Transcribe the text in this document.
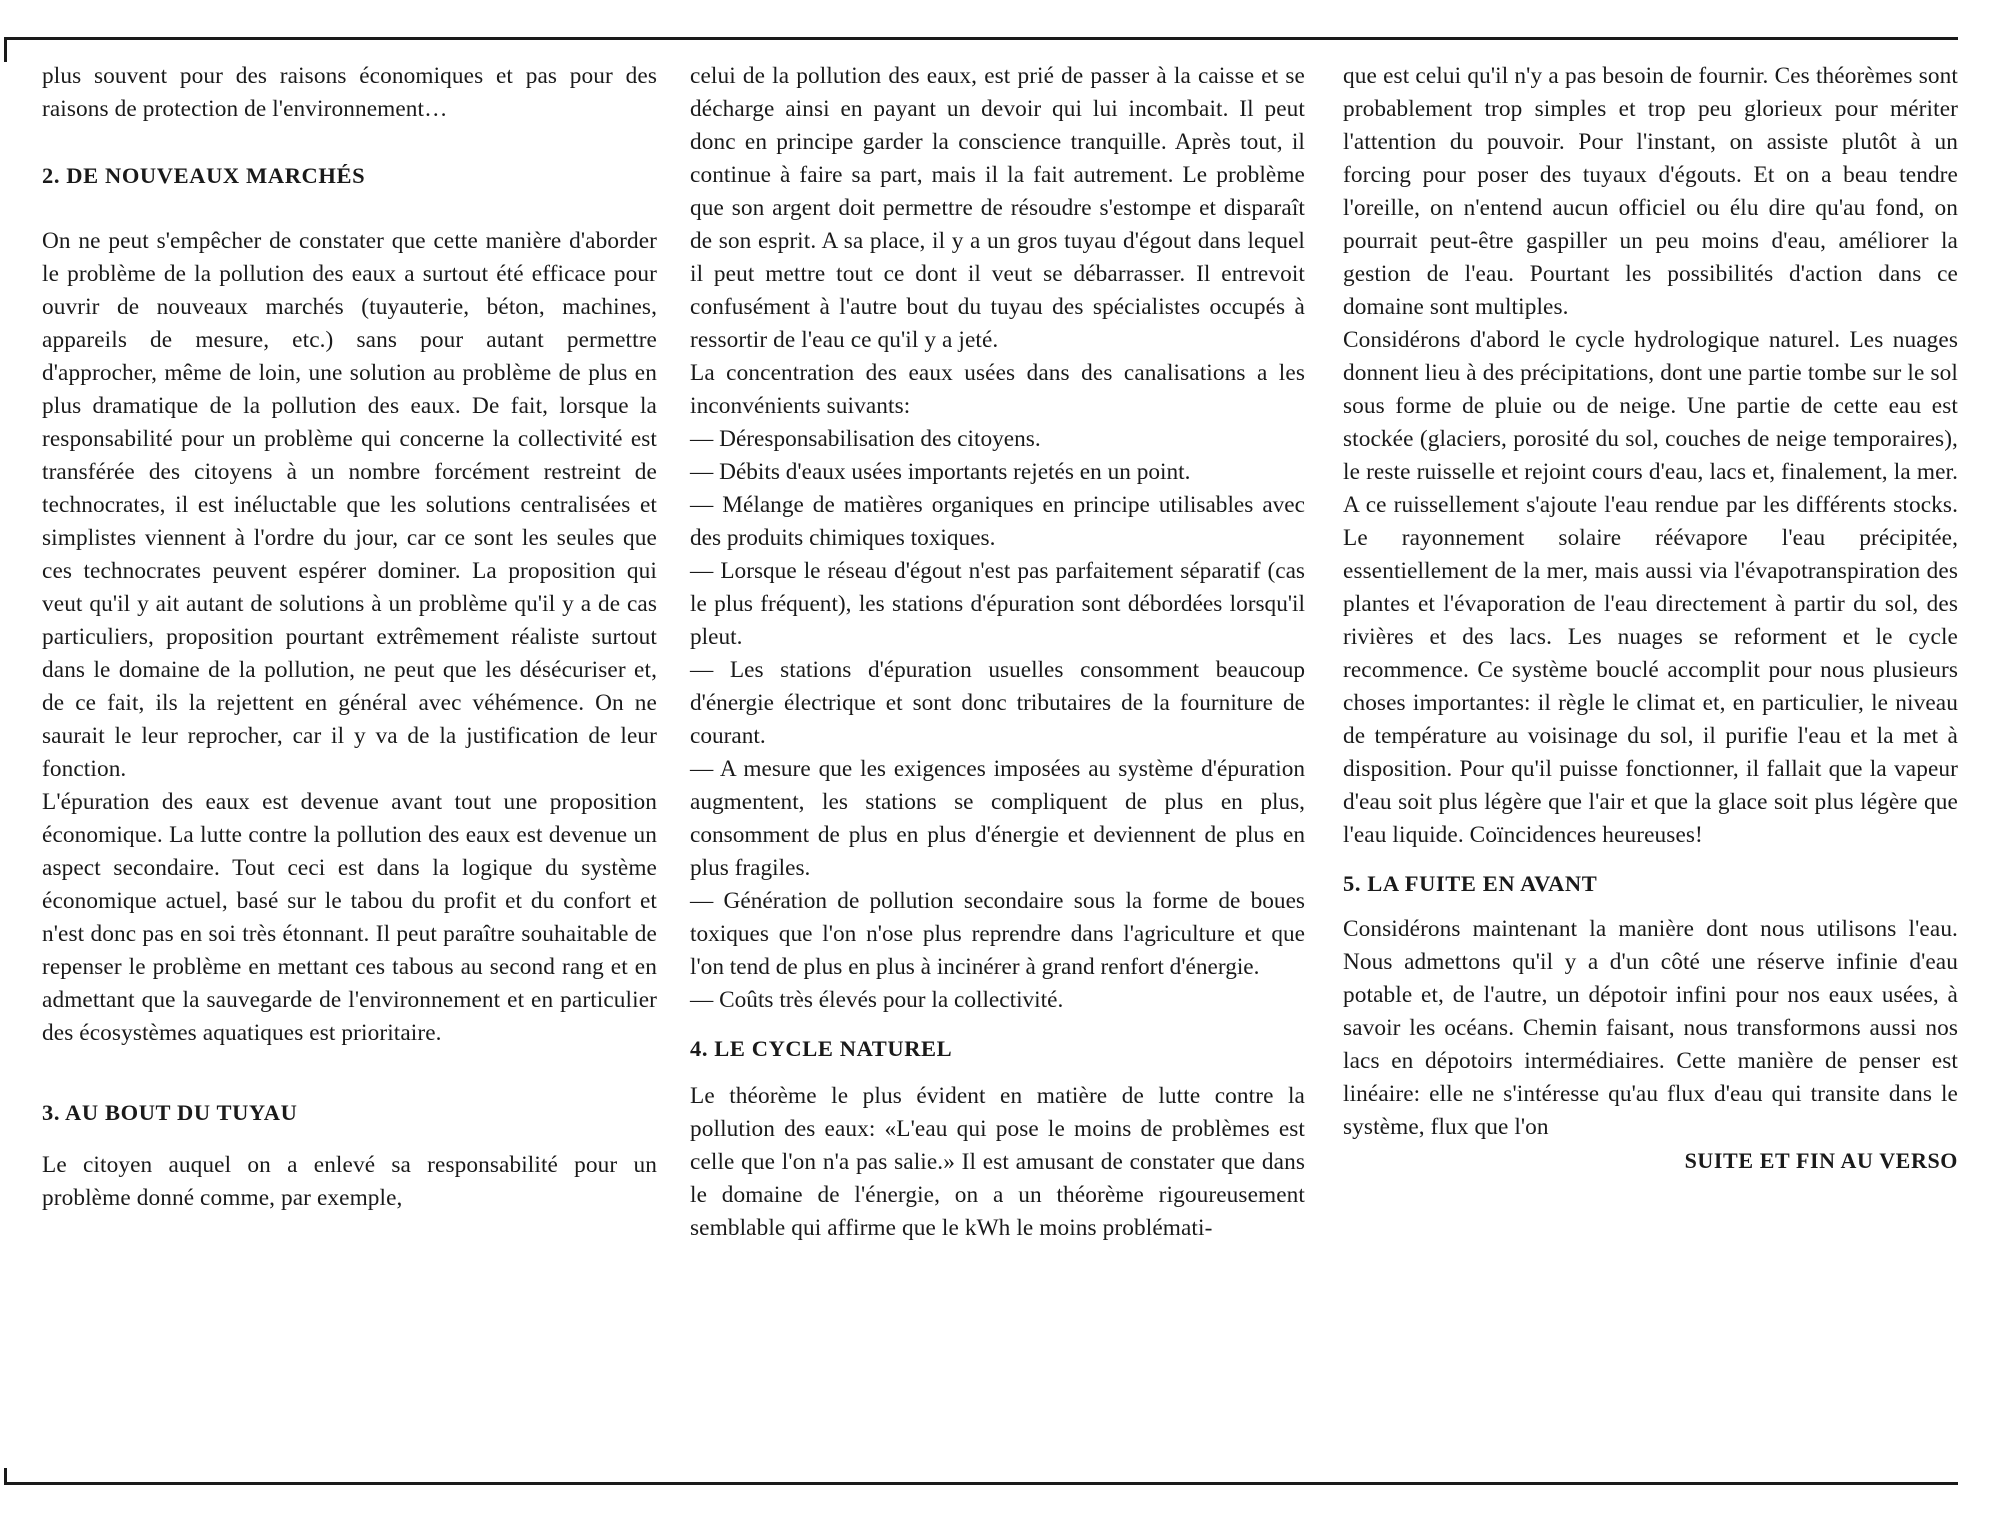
plus souvent pour des raisons économiques et pas pour des raisons de protection de l'environnement…

2. DE NOUVEAUX MARCHÉS

On ne peut s'empêcher de constater que cette manière d'aborder le problème de la pollution des eaux a surtout été efficace pour ouvrir de nouveaux marchés (tuyauterie, béton, machines, appareils de mesure, etc.) sans pour autant permettre d'approcher, même de loin, une solution au problème de plus en plus dramatique de la pollution des eaux. De fait, lorsque la responsabilité pour un problème qui concerne la collectivité est transférée des citoyens à un nombre forcément restreint de technocrates, il est inéluctable que les solutions centralisées et simplistes viennent à l'ordre du jour, car ce sont les seules que ces technocrates peuvent espérer dominer. La proposition qui veut qu'il y ait autant de solutions à un problème qu'il y a de cas particuliers, proposition pourtant extrêmement réaliste surtout dans le domaine de la pollution, ne peut que les désécuriser et, de ce fait, ils la rejettent en général avec véhémence. On ne saurait le leur reprocher, car il y va de la justification de leur fonction.

L'épuration des eaux est devenue avant tout une proposition économique. La lutte contre la pollution des eaux est devenue un aspect secondaire. Tout ceci est dans la logique du système économique actuel, basé sur le tabou du profit et du confort et n'est donc pas en soi très étonnant. Il peut paraître souhaitable de repenser le problème en mettant ces tabous au second rang et en admettant que la sauvegarde de l'environnement et en particulier des écosystèmes aquatiques est prioritaire.

3. AU BOUT DU TUYAU

Le citoyen auquel on a enlevé sa responsabilité pour un problème donné comme, par exemple,

celui de la pollution des eaux, est prié de passer à la caisse et se décharge ainsi en payant un devoir qui lui incombait. Il peut donc en principe garder la conscience tranquille. Après tout, il continue à faire sa part, mais il la fait autrement. Le problème que son argent doit permettre de résoudre s'estompe et disparaît de son esprit. A sa place, il y a un gros tuyau d'égout dans lequel il peut mettre tout ce dont il veut se débarrasser. Il entrevoit confusément à l'autre bout du tuyau des spécialistes occupés à ressortir de l'eau ce qu'il y a jeté.

La concentration des eaux usées dans des canalisations a les inconvénients suivants:

— Déresponsabilisation des citoyens.

— Débits d'eaux usées importants rejetés en un point.

— Mélange de matières organiques en principe utilisables avec des produits chimiques toxiques.

— Lorsque le réseau d'égout n'est pas parfaitement séparatif (cas le plus fréquent), les stations d'épuration sont débordées lorsqu'il pleut.

— Les stations d'épuration usuelles consomment beaucoup d'énergie électrique et sont donc tributaires de la fourniture de courant.

— A mesure que les exigences imposées au système d'épuration augmentent, les stations se compliquent de plus en plus, consomment de plus en plus d'énergie et deviennent de plus en plus fragiles.

— Génération de pollution secondaire sous la forme de boues toxiques que l'on n'ose plus reprendre dans l'agriculture et que l'on tend de plus en plus à incinérer à grand renfort d'énergie.

— Coûts très élevés pour la collectivité.

4. LE CYCLE NATUREL

Le théorème le plus évident en matière de lutte contre la pollution des eaux: «L'eau qui pose le moins de problèmes est celle que l'on n'a pas salie.» Il est amusant de constater que dans le domaine de l'énergie, on a un théorème rigoureusement semblable qui affirme que le kWh le moins problémati-

que est celui qu'il n'y a pas besoin de fournir. Ces théorèmes sont probablement trop simples et trop peu glorieux pour mériter l'attention du pouvoir. Pour l'instant, on assiste plutôt à un forcing pour poser des tuyaux d'égouts. Et on a beau tendre l'oreille, on n'entend aucun officiel ou élu dire qu'au fond, on pourrait peut-être gaspiller un peu moins d'eau, améliorer la gestion de l'eau. Pourtant les possibilités d'action dans ce domaine sont multiples.

Considérons d'abord le cycle hydrologique naturel. Les nuages donnent lieu à des précipitations, dont une partie tombe sur le sol sous forme de pluie ou de neige. Une partie de cette eau est stockée (glaciers, porosité du sol, couches de neige temporaires), le reste ruisselle et rejoint cours d'eau, lacs et, finalement, la mer. A ce ruissellement s'ajoute l'eau rendue par les différents stocks. Le rayonnement solaire réévapore l'eau précipitée, essentiellement de la mer, mais aussi via l'évapotranspiration des plantes et l'évaporation de l'eau directement à partir du sol, des rivières et des lacs. Les nuages se reforment et le cycle recommence. Ce système bouclé accomplit pour nous plusieurs choses importantes: il règle le climat et, en particulier, le niveau de température au voisinage du sol, il purifie l'eau et la met à disposition. Pour qu'il puisse fonctionner, il fallait que la vapeur d'eau soit plus légère que l'air et que la glace soit plus légère que l'eau liquide. Coïncidences heureuses!

5. LA FUITE EN AVANT

Considérons maintenant la manière dont nous utilisons l'eau. Nous admettons qu'il y a d'un côté une réserve infinie d'eau potable et, de l'autre, un dépotoir infini pour nos eaux usées, à savoir les océans. Chemin faisant, nous transformons aussi nos lacs en dépotoirs intermédiaires. Cette manière de penser est linéaire: elle ne s'intéresse qu'au flux d'eau qui transite dans le système, flux que l'on

SUITE ET FIN AU VERSO
